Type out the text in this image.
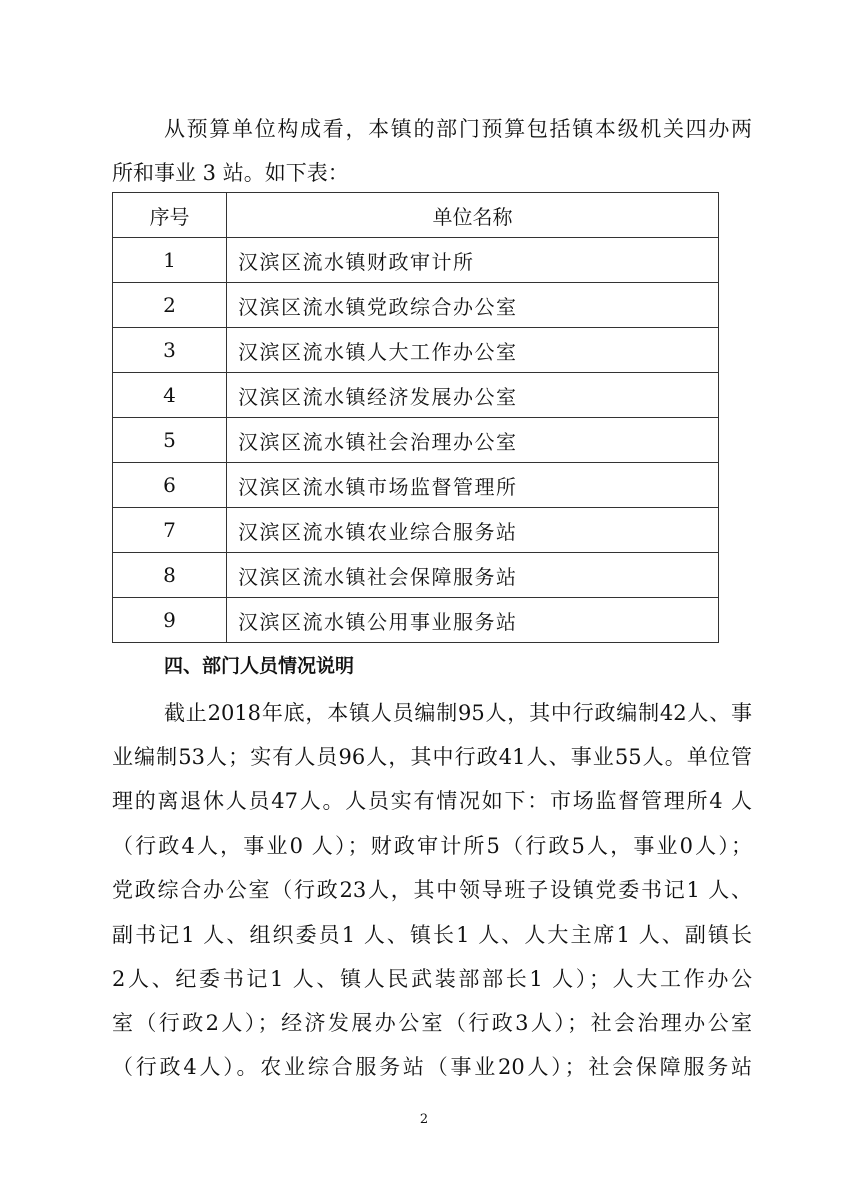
从预算单位构成看，本镇的部门预算包括镇本级机关四办两
所和事业 3 站。如下表：
序号	单位名称
1	汉滨区流水镇财政审计所
2	汉滨区流水镇党政综合办公室
3	汉滨区流水镇人大工作办公室
4	汉滨区流水镇经济发展办公室
5	汉滨区流水镇社会治理办公室
6	汉滨区流水镇市场监督管理所
7	汉滨区流水镇农业综合服务站
8	汉滨区流水镇社会保障服务站
9	汉滨区流水镇公用事业服务站
四、部门人员情况说明
截止2018年底，本镇人员编制95人，其中行政编制42人、事
业编制53人；实有人员96人，其中行政41人、事业55人。单位管
理的离退休人员47人。人员实有情况如下：市场监督管理所4 人
（行政4人，事业0 人）；财政审计所5（行政5人，事业0人）；
党政综合办公室（行政23人，其中领导班子设镇党委书记1 人、
副书记1 人、组织委员1 人、镇长1 人、人大主席1 人、副镇长
2人、纪委书记1 人、镇人民武装部部长1 人）；人大工作办公
室（行政2人）；经济发展办公室（行政3人）；社会治理办公室
（行政4人）。农业综合服务站（事业20人）；社会保障服务站
2
